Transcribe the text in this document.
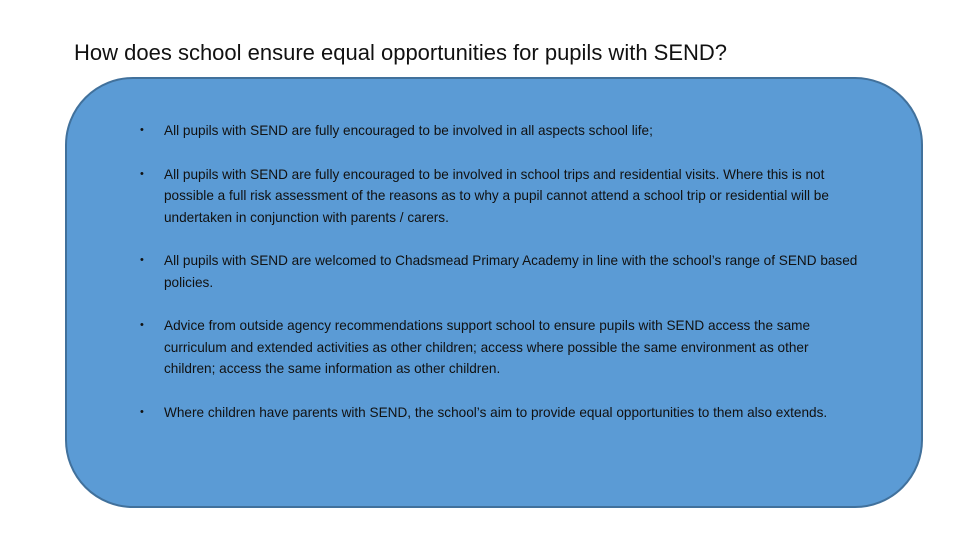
How does school ensure equal opportunities for pupils with SEND?
• All pupils with SEND are fully encouraged to be involved in all aspects school life;
• All pupils with SEND are fully encouraged to be involved in school trips and residential visits. Where this is not possible a full risk assessment of the reasons as to why a pupil cannot attend a school trip or residential will be undertaken in conjunction with parents / carers.
• All pupils with SEND are welcomed to Chadsmead Primary Academy in line with the school’s range of SEND based policies.
• Advice from outside agency recommendations support school to ensure pupils with SEND access the same curriculum and extended activities as other children; access where possible the same environment as other children; access the same information as other children.
• Where children have parents with SEND, the school’s aim to provide equal opportunities to them also extends.
